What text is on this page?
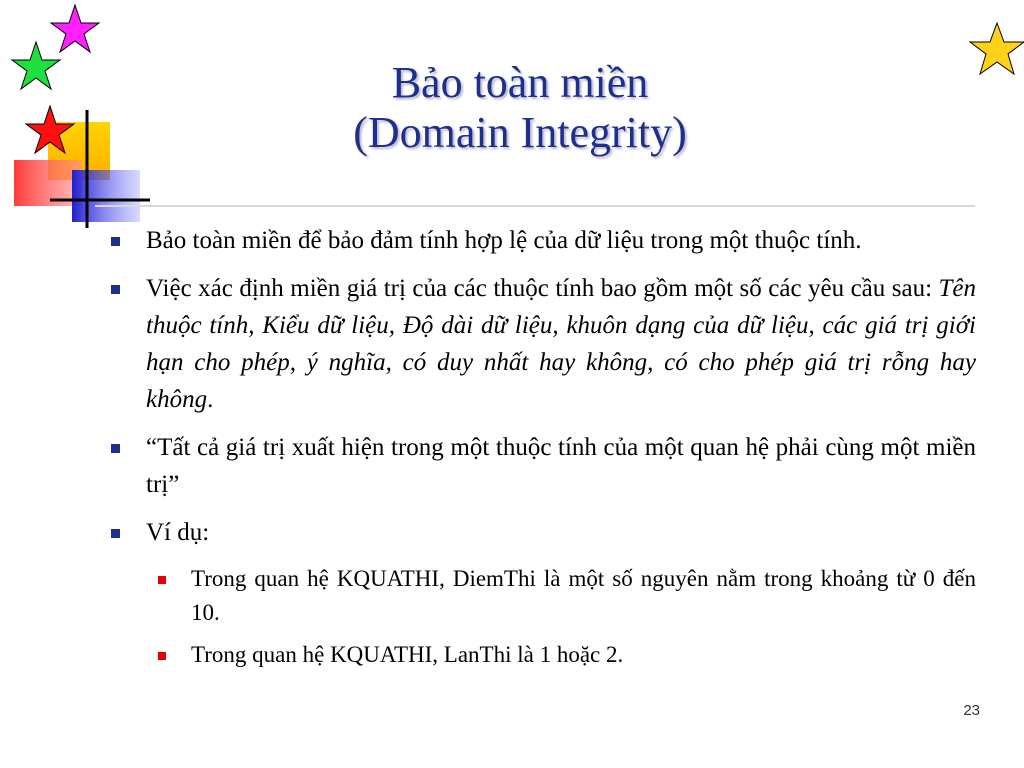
Bảo toàn miền
(Domain Integrity)
Bảo toàn miền để bảo đảm tính hợp lệ của dữ liệu trong một thuộc tính.
Việc xác định miền giá trị của các thuộc tính bao gồm một số các yêu cầu sau: Tên thuộc tính, Kiểu dữ liệu, Độ dài dữ liệu, khuôn dạng của dữ liệu, các giá trị giới hạn cho phép, ý nghĩa, có duy nhất hay không, có cho phép giá trị rỗng hay không.
“Tất cả giá trị xuất hiện trong một thuộc tính của một quan hệ phải cùng một miền trị”
Ví dụ:
Trong quan hệ KQUATHI, DiemThi là một số nguyên nằm trong khoảng từ 0 đến 10.
Trong quan hệ KQUATHI, LanThi là 1 hoặc 2.
23
